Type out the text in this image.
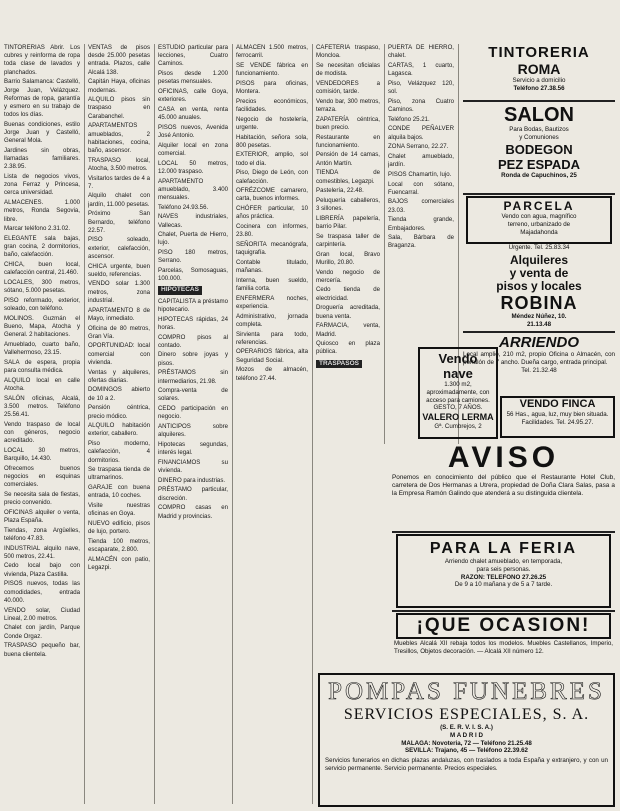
TINTORERIAS Abrir. Los cubres y reinforma de ropa toda clase de lavados y planchados.

Barrio Salamanca: Castelló, Jorge Juan, Velázquez. Reformas de ropa, garantía y esmero en su trabajo de todos los días.

Buenas condiciones, estilo Jorge Juan y Castelló, General Mola.

Jardines sin obras, llamadas familiares. 2.38.95.

Lista de negocios vivos, zona Ferraz y Princesa, cerca universidad.

ALMACENES. 1.000 metros, Ronda Segovia, libre.

Marcar teléfono 2.31.02.

ELEGANTE sala bajas, gran cocina, 2 dormitorios, baño, calefacción.

CHICA, buen local, calefacción central, 21.460.

LOCALES, 300 metros, sótano, 5.000 pesetas.

PISO reformado, exterior, soleado, con teléfono.

MOLINOS. Guzmán el Bueno, Mapa, Atocha y General. 2 habitaciones.

Amueblado, cuarto baño, Vallehermoso, 23.15.

SALA de espera, propia para consulta médica.

ALQUILO local en calle Atocha.

SALÓN oficinas, Alcalá, 3.500 metros. Teléfono 25.56.41.

Vendo traspaso de local con géneros, negocio acreditado.

LOCAL 30 metros, Barquillo, 14.430.

Ofrecemos buenos negocios en esquinas comerciales.

Se necesita sala de fiestas, precio convenido.

OFICINAS alquiler o venta, Plaza España.

Tiendas, zona Argüelles, teléfono 47.83.

INDUSTRIAL alquilo nave, 500 metros, 22.41.

Cedo local bajo con vivienda, Plaza Castilla.

PISOS nuevos, todas las comodidades, entrada 40.000.

VENDO solar, Ciudad Lineal, 2.00 metros.

Chalet con jardín, Parque Conde Orgaz.

TRASPASO pequeño bar, buena clientela.

VENTAS de pisos desde 25.000 pesetas entrada. Plazos, calle Alcalá 138.

Capitán Haya, oficinas modernas.

ALQUILO pisos sin traspaso en Carabanchel.

APARTAMENTOS amueblados, 2 habitaciones, cocina, baño, ascensor.

TRASPASO local, Atocha, 3.500 metros.

Visitarlos tardes de 4 a 7.

Alquilo chalet con jardín, 11.000 pesetas.

Próximo San Bernardo, teléfono 22.57.

PISO soleado, exterior, calefacción, ascensor.

CHICA urgente, buen sueldo, referencias.

VENDO solar 1.300 metros, zona industrial.

APARTAMENTO 8 de Mayo, inmediato.

Oficina de 80 metros, Gran Vía.

OPORTUNIDAD: local comercial con vivienda.

Ventas y alquileres, ofertas diarias.

DOMINGOS abierto de 10 a 2.

Pensión céntrica, precio módico.

ALQUILO habitación exterior, caballero.

Piso moderno, calefacción, 4 dormitorios.

Se traspasa tienda de ultramarinos.

GARAJE con buena entrada, 10 coches.

Visite nuestras oficinas en Goya.

NUEVO edificio, pisos de lujo, portero.

Tienda 100 metros, escaparate, 2.800.

ALMACÉN con patio, Legazpi.

ESTUDIO particular para lecciones, Cuatro Caminos.

Pisos desde 1.200 pesetas mensuales.

OFICINAS, calle Goya, exteriores.

CASA en venta, renta 45.000 anuales.

PISOS nuevos, Avenida José Antonio.

Alquiler local en zona comercial.

LOCAL 50 metros, 12.000 traspaso.

APARTAMENTO amueblado, 3.400 mensuales.

Teléfono 24.93.56.

NAVES industriales, Vallecas.

Chalet, Puerta de Hierro, lujo.

PISO 180 metros, Serrano.

Parcelas, Somosaguas, 100.000.

HIPOTECAS

CAPITALISTA a préstamo hipotecario.

HIPOTECAS rápidas, 24 horas.

COMPRO pisos al contado.

Dinero sobre joyas y pisos.

PRÉSTAMOS sin intermediarios, 21.98.

Compra-venta de solares.

CEDO participación en negocio.

ANTICIPOS sobre alquileres.

Hipotecas segundas, interés legal.

FINANCIAMOS su vivienda.

DINERO para industrias.

PRÉSTAMO particular, discreción.

COMPRO casas en Madrid y provincias.

ALMACÉN 1.500 metros, ferrocarril.

SE VENDE fábrica en funcionamiento.

PISOS para oficinas, Montera.

Precios económicos, facilidades.

Negocio de hostelería, urgente.

Habitación, señora sola, 800 pesetas.

EXTERIOR, amplio, sol todo el día.

Piso, Diego de León, con calefacción.

OFRÉZCOME camarero, carta, buenos informes.

CHÓFER particular, 10 años práctica.

Cocinera con informes, 23.80.

SEÑORITA mecanógrafa, taquigrafía.

Contable titulado, mañanas.

Interna, buen sueldo, familia corta.

ENFERMERA noches, experiencia.

Administrativo, jornada completa.

Sirvienta para todo, referencias.

OPERARIOS fábrica, alta Seguridad Social.

Mozos de almacén, teléfono 27.44.

CAFETERÍA traspaso, Moncloa.

Se necesitan oficialas de modista.

VENDEDORES a comisión, tarde.

Vendo bar, 300 metros, terraza.

ZAPATERÍA céntrica, buen precio.

Restaurante en funcionamiento.

Pensión de 14 camas, Antón Martín.

TIENDA de comestibles, Legazpi.

Pastelería, 22.48.

Peluquería caballeros, 3 sillones.

LIBRERÍA papelería, barrio Pilar.

Se traspasa taller de carpintería.

Gran local, Bravo Murillo, 20.80.

Vendo negocio de mercería.

Cedo tienda de electricidad.

Droguería acreditada, buena venta.

FARMACIA, venta, Madrid.

Quiosco en plaza pública.

TRASPASOS

PUERTA DE HIERRO, chalet.

CARTAS, 1 cuarto, Lagasca.

Piso, Velázquez 120, sol.

Piso, zona Cuatro Caminos.

Teléfono 25.21.

CONDE PEÑALVER alquila bajos.

ZONA Serrano, 22.27.

Chalet amueblado, jardín.

PISOS Chamartín, lujo.

Local con sótano, Fuencarral.

BAJOS comerciales 23.03.

Tienda grande, Embajadores.

Sala, Bárbara de Braganza.

TINTORERIA
ROMA
Servicio a domicilio
Teléfono 27.38.56
SALON
Para Bodas, Bautizos
y Comuniones
BODEGON
PEZ ESPADA
Ronda de Capuchinos, 25
PARCELA
Vendo con agua, magnífico
terreno, urbanizado de
Majadahonda
Urgente. Tel. 25.83.34
Alquileres
y venta de
pisos y locales
ROBINA
Méndez Núñez, 10.
21.13.48
ARRIENDO
Local amplio, 210 m2, propio Oficina o Almacén, con portalón de 7 ancho. Dueña cargo, entrada principal.
Tel. 21.32.48
VENDO FINCA
56 Has., agua, luz, muy bien situada. Facilidades. Tel. 24.95.27.
Vendo nave
1.300 m2, aproximadamente, con acceso para camiones. GESTO, 7 AÑOS.
VALERO LERMA
Gª. Cumbrejos, 2
AVISO
Ponemos en conocimiento del público que el Restaurante Hotel Club, carretera de Dos Hermanas a Utrera, propiedad de Doña Clara Salas, pasa a la Empresa Ramón Galindo que atenderá a su distinguida clientela.
PARA LA FERIA
Arriendo chalet amueblado, en temporada,
para seis personas.
RAZON: TELEFONO 27.26.25
De 9 a 10 mañana y de 5 a 7 tarde.
¡QUE OCASION!
Muebles Alcalá XII rebaja todos los modelos. Muebles Castellanos, Imperio, Tresillos, Objetos decoración. — Alcalá XII número 12.
POMPAS FUNEBRES
SERVICIOS ESPECIALES, S. A.
(S. E. R. V. I. S. A.)
M A D R I D
MALAGA: Novoteria, 72 — Teléfono 21.25.48
SEVILLA: Trajano, 45 — Teléfono 22.39.62
Servicios funerarios en dichas plazas andaluzas, con traslados a toda España y extranjero, y con un servicio permanente. Servicio permanente. Precios especiales.
